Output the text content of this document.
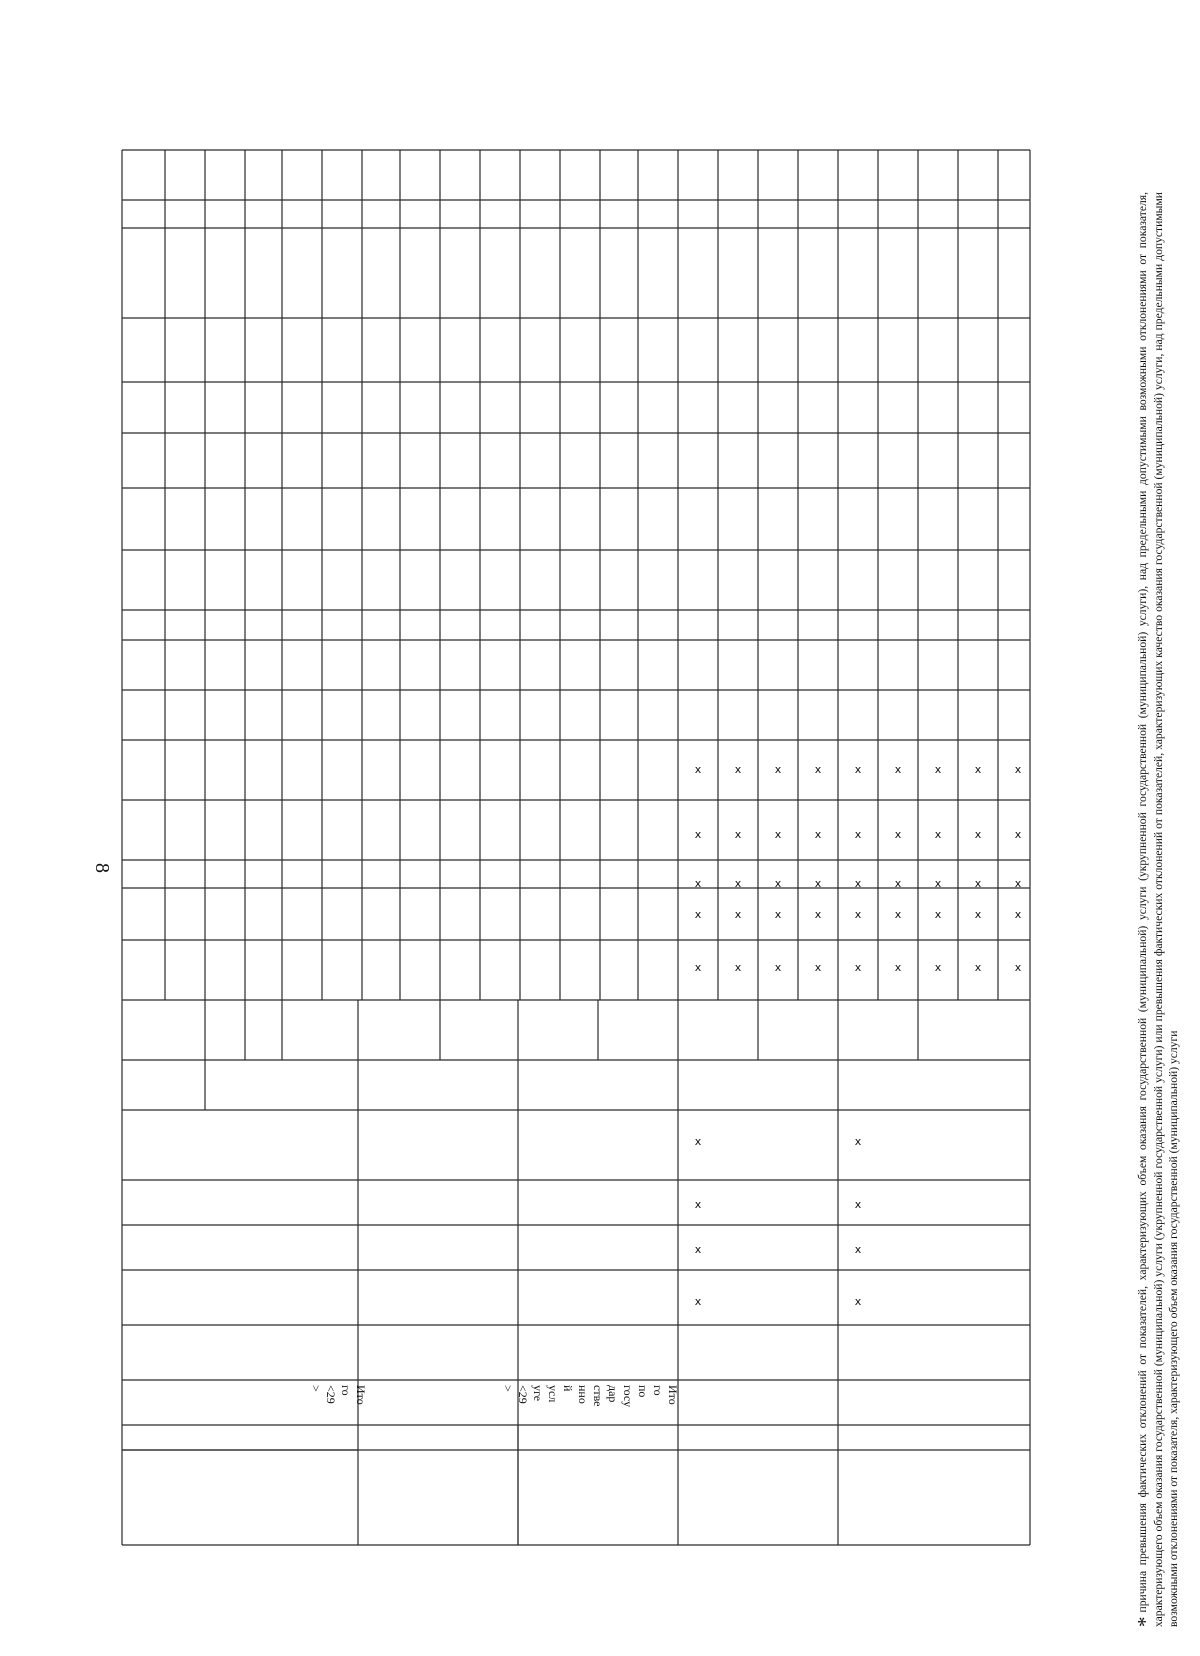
8
Ито
го
<29
>	Ито
го
по
госу
дар
стве
нно
й
усл
уге
<29
>
х
х
х
х
х
х
х
х
х
х
х
х
х
х
х
х
х
х
х
х
х
х
х
х
х
х
х
х
х
х
х
х
х
х
х
х
х
х
х
х
х
х
х
х
х
х
х
х
х
х
х
х
х
*причина превышения фактических отклонений от показателей, характеризующих объем оказания государственной (муниципальной) услуги (укрупненной государственной (муниципальной) услуги), над предельными допустимыми возможными отклонениями от показателя, характеризующего объем оказания государственной (муниципальной) услуги (укрупненной государственной услуги) или превышения фактических отклонений от показателей, характеризующих качество оказания государственной (муниципальной) услуги, над предельными допустимыми возможными отклонениями от показателя, характеризующего объем оказания государственной (муниципальной) услуги
